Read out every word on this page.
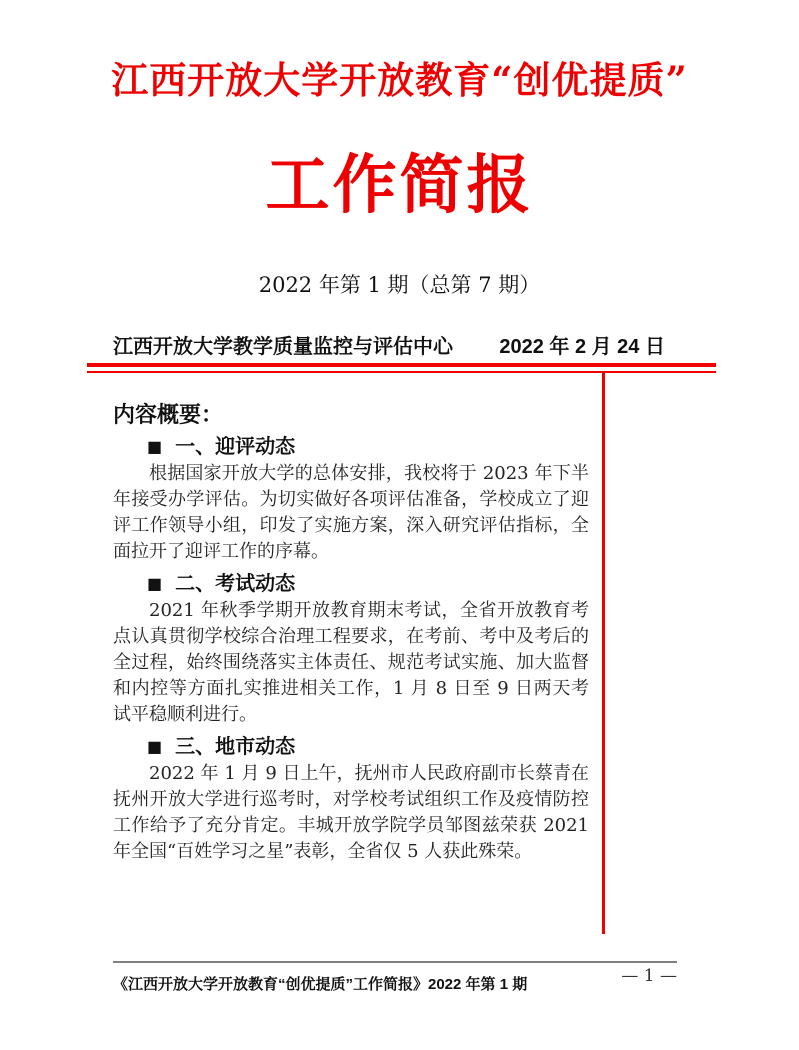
江西开放大学开放教育“创优提质”
工作简报
2022 年第 1 期（总第 7 期）
江西开放大学教学质量监控与评估中心 2022 年 2 月 24 日
内容概要：
■ 一、迎评动态

根据国家开放大学的总体安排，我校将于 2023 年下半年接受办学评估。为切实做好各项评估准备，学校成立了迎评工作领导小组，印发了实施方案，深入研究评估指标，全面拉开了迎评工作的序幕。

■ 二、考试动态

2021 年秋季学期开放教育期末考试，全省开放教育考点认真贯彻学校综合治理工程要求，在考前、考中及考后的全过程，始终围绕落实主体责任、规范考试实施、加大监督和内控等方面扎实推进相关工作，1 月 8 日至 9 日两天考试平稳顺利进行。

■ 三、地市动态

2022 年 1 月 9 日上午，抚州市人民政府副市长蔡青在抚州开放大学进行巡考时，对学校考试组织工作及疫情防控工作给予了充分肯定。丰城开放学院学员邹图兹荣获 2021 年全国“百姓学习之星”表彰，全省仅 5 人获此殊荣。

《江西开放大学开放教育“创优提质”工作简报》2022 年第 1 期	— 1 —
